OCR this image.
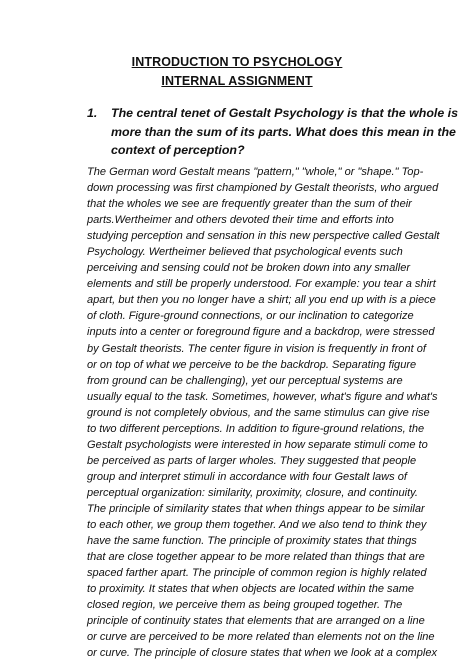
INTRODUCTION TO PSYCHOLOGY
INTERNAL ASSIGNMENT
1. The central tenet of Gestalt Psychology is that the whole is
more than the sum of its parts. What does this mean in the
context of perception?
The German word Gestalt means "pattern," "whole," or "shape." Top-
down processing was first championed by Gestalt theorists, who argued
that the wholes we see are frequently greater than the sum of their
parts.Wertheimer and others devoted their time and efforts into
studying perception and sensation in this new perspective called Gestalt
Psychology. Wertheimer believed that psychological events such
perceiving and sensing could not be broken down into any smaller
elements and still be properly understood. For example: you tear a shirt
apart, but then you no longer have a shirt; all you end up with is a piece
of cloth. Figure-ground connections, or our inclination to categorize
inputs into a center or foreground figure and a backdrop, were stressed
by Gestalt theorists. The center figure in vision is frequently in front of
or on top of what we perceive to be the backdrop. Separating figure
from ground can be challenging), yet our perceptual systems are
usually equal to the task. Sometimes, however, what's figure and what's
ground is not completely obvious, and the same stimulus can give rise
to two different perceptions. In addition to figure-ground relations, the
Gestalt psychologists were interested in how separate stimuli come to
be perceived as parts of larger wholes. They suggested that people
group and interpret stimuli in accordance with four Gestalt laws of
perceptual organization: similarity, proximity, closure, and continuity.
The principle of similarity states that when things appear to be similar
to each other, we group them together. And we also tend to think they
have the same function. The principle of proximity states that things
that are close together appear to be more related than things that are
spaced farther apart. The principle of common region is highly related
to proximity. It states that when objects are located within the same
closed region, we perceive them as being grouped together. The
principle of continuity states that elements that are arranged on a line
or curve are perceived to be more related than elements not on the line
or curve. The principle of closure states that when we look at a complex
